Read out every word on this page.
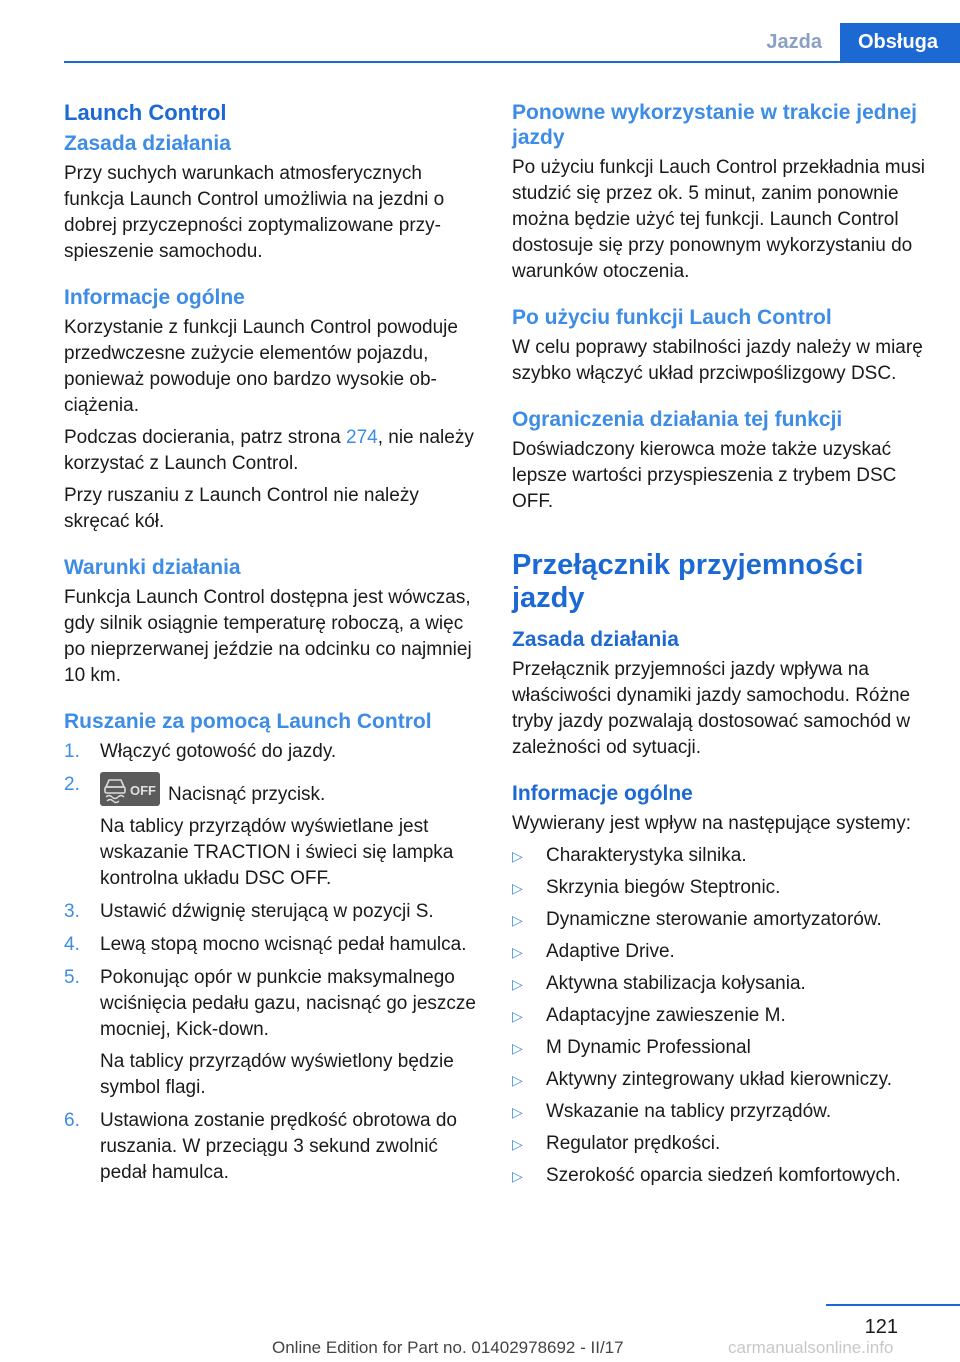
Jazda	Obsługa
Launch Control
Zasada działania

Przy suchych warunkach atmosferycznych funkcja Launch Control umożliwia na jezdni o dobrej przyczepności zoptymalizowane przyspieszenie samochodu.

Informacje ogólne

Korzystanie z funkcji Launch Control powoduje przedwczesne zużycie elementów pojazdu, ponieważ powoduje ono bardzo wysokie obciążenia.

Podczas docierania, patrz strona 274, nie należy korzystać z Launch Control.

Przy ruszaniu z Launch Control nie należy skręcać kół.

Warunki działania

Funkcja Launch Control dostępna jest wówczas, gdy silnik osiągnie temperaturę roboczą, a więc po nieprzerwanej jeździe na odcinku co najmniej 10 km.

Ruszanie za pomocą Launch Control
1.	Włączyć gotowość do jazdy.
2.	OFF Nacisnąć przycisk.
Na tablicy przyrządów wyświetlane jest wskazanie TRACTION i świeci się lampka kontrolna układu DSC OFF.
3.	Ustawić dźwignię sterującą w pozycji S.
4.	Lewą stopą mocno wcisnąć pedał hamulca.
5.	Pokonując opór w punkcie maksymalnego wciśnięcia pedału gazu, nacisnąć go jeszcze mocniej, Kick-down.
Na tablicy przyrządów wyświetlony będzie symbol flagi.
6.	Ustawiona zostanie prędkość obrotowa do ruszania. W przeciągu 3 sekund zwolnić pedał hamulca.
Ponowne wykorzystanie w trakcie jednej jazdy

Po użyciu funkcji Lauch Control przekładnia musi studzić się przez ok. 5 minut, zanim ponownie można będzie użyć tej funkcji. Launch Control dostosuje się przy ponownym wykorzystaniu do warunków otoczenia.

Po użyciu funkcji Lauch Control

W celu poprawy stabilności jazdy należy w miarę szybko włączyć układ przciwpoślizgowy DSC.

Ograniczenia działania tej funkcji

Doświadczony kierowca może także uzyskać lepsze wartości przyspieszenia z trybem DSC OFF.

Przełącznik przyjemności jazdy
Zasada działania

Przełącznik przyjemności jazdy wpływa na właściwości dynamiki jazdy samochodu. Różne tryby jazdy pozwalają dostosować samochód w zależności od sytuacji.

Informacje ogólne

Wywierany jest wpływ na następujące systemy:

▷	Charakterystyka silnika.
▷	Skrzynia biegów Steptronic.
▷	Dynamiczne sterowanie amortyzatorów.
▷	Adaptive Drive.
▷	Aktywna stabilizacja kołysania.
▷	Adaptacyjne zawieszenie M.
▷	M Dynamic Professional
▷	Aktywny zintegrowany układ kierowniczy.
▷	Wskazanie na tablicy przyrządów.
▷	Regulator prędkości.
▷	Szerokość oparcia siedzeń komfortowych.
121
Online Edition for Part no. 01402978692 - II/17	carmanualsonline.info
